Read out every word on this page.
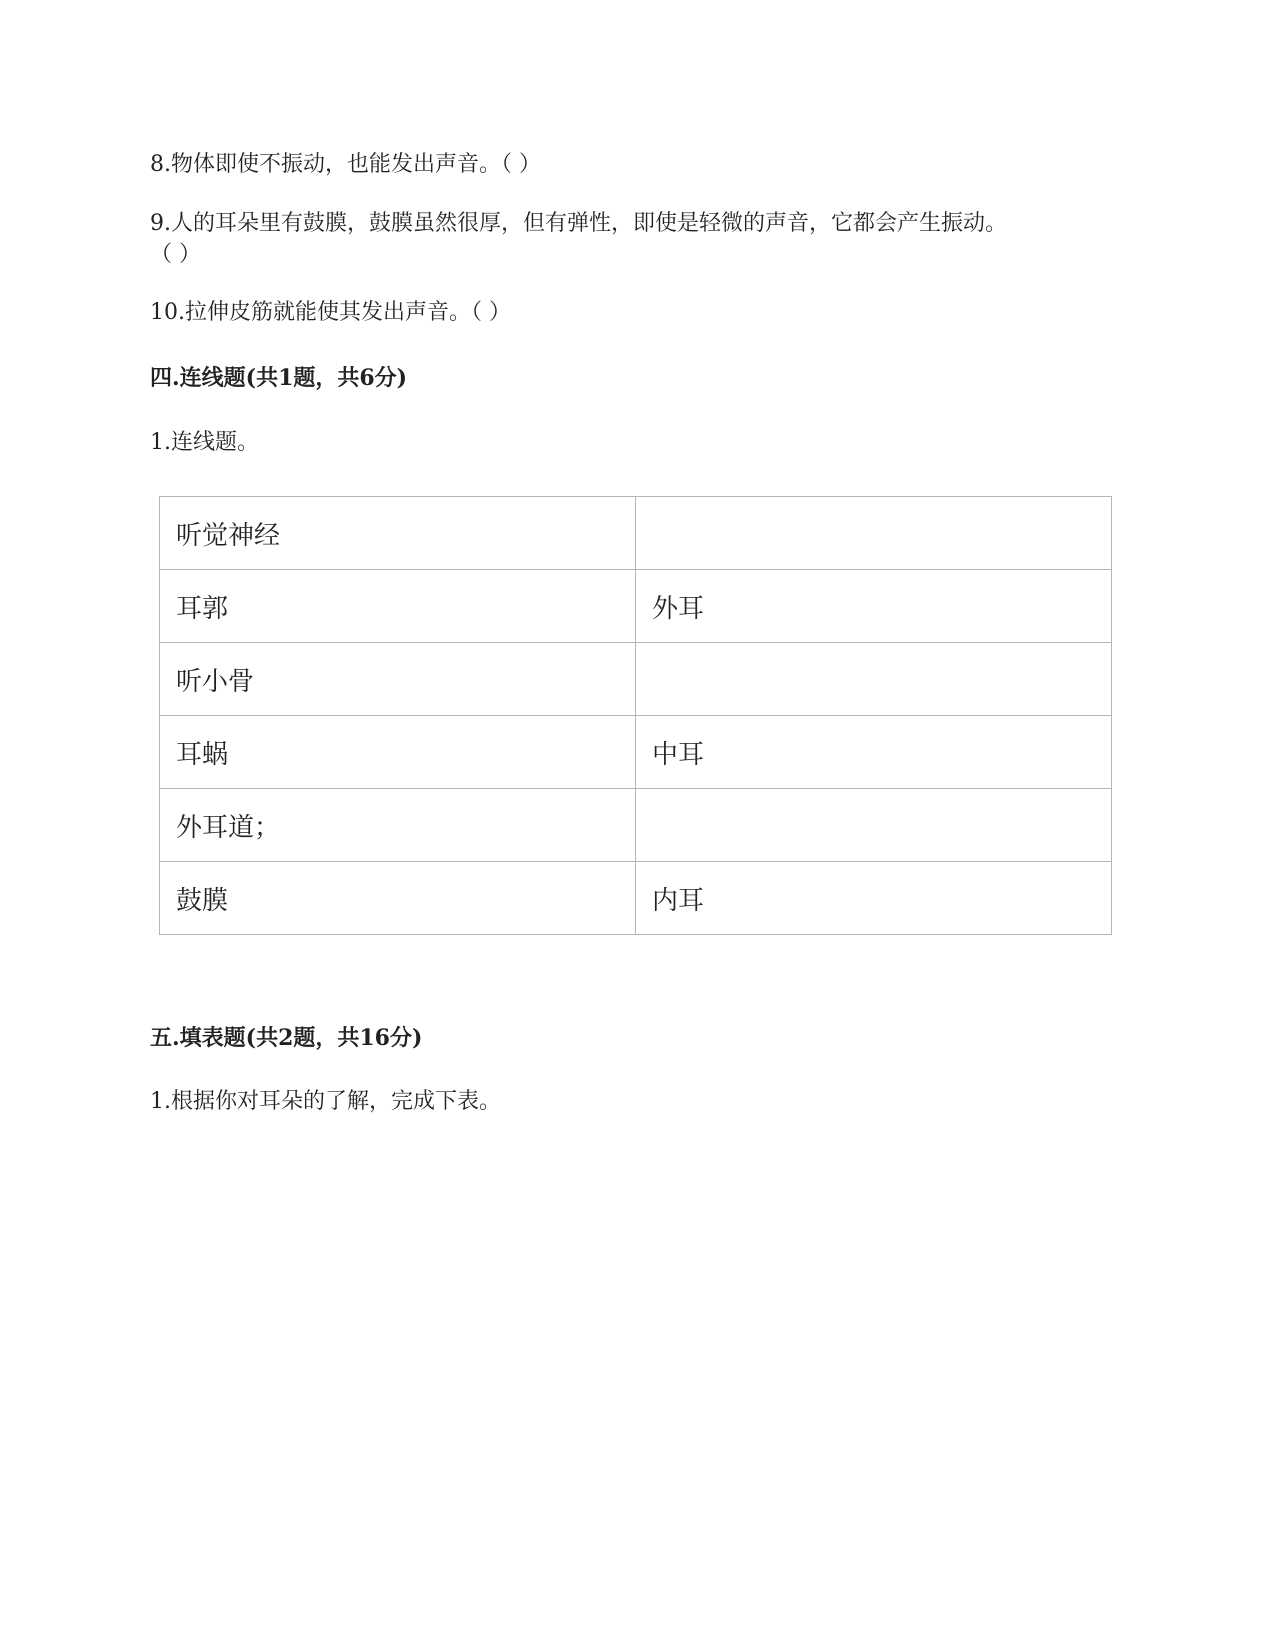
8.物体即使不振动，也能发出声音。（ ）
9.人的耳朵里有鼓膜，鼓膜虽然很厚，但有弹性，即使是轻微的声音，它都会产生振动。
（ ）
10.拉伸皮筋就能使其发出声音。（ ）
四.连线题(共1题，共6分)
1.连线题。
听觉神经	
耳郭	外耳
听小骨	
耳蜗	中耳
外耳道；	
鼓膜	内耳
五.填表题(共2题，共16分)
1.根据你对耳朵的了解，完成下表。
